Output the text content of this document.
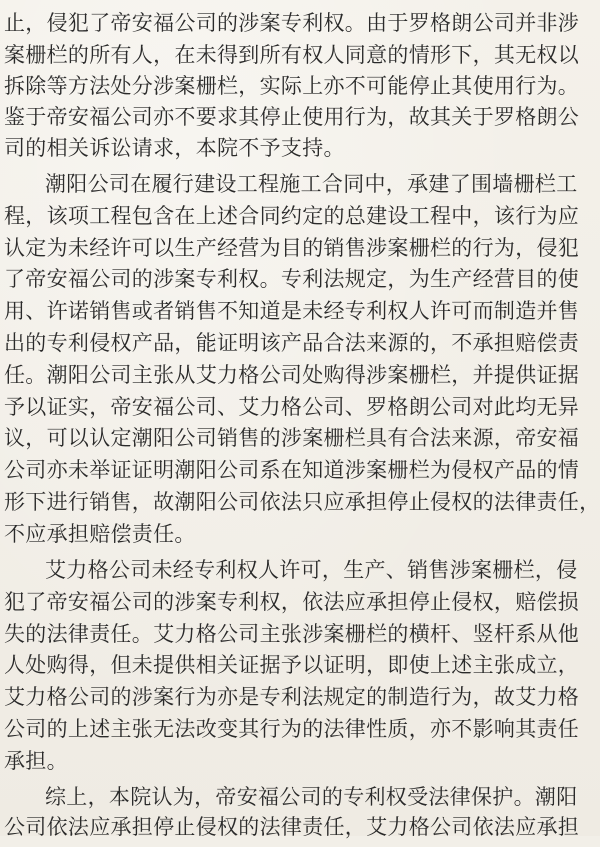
止，侵犯了帝安福公司的涉案专利权。由于罗格朗公司并非涉
案栅栏的所有人，在未得到所有权人同意的情形下，其无权以
拆除等方法处分涉案栅栏，实际上亦不可能停止其使用行为。
鉴于帝安福公司亦不要求其停止使用行为，故其关于罗格朗公
司的相关诉讼请求，本院不予支持。
潮阳公司在履行建设工程施工合同中，承建了围墙栅栏工
程，该项工程包含在上述合同约定的总建设工程中，该行为应
认定为未经许可以生产经营为目的销售涉案栅栏的行为，侵犯
了帝安福公司的涉案专利权。专利法规定，为生产经营目的使
用、许诺销售或者销售不知道是未经专利权人许可而制造并售
出的专利侵权产品，能证明该产品合法来源的，不承担赔偿责
任。潮阳公司主张从艾力格公司处购得涉案栅栏，并提供证据
予以证实，帝安福公司、艾力格公司、罗格朗公司对此均无异
议，可以认定潮阳公司销售的涉案栅栏具有合法来源，帝安福
公司亦未举证证明潮阳公司系在知道涉案栅栏为侵权产品的情
形下进行销售，故潮阳公司依法只应承担停止侵权的法律责任，
不应承担赔偿责任。
艾力格公司未经专利权人许可，生产、销售涉案栅栏，侵
犯了帝安福公司的涉案专利权，依法应承担停止侵权，赔偿损
失的法律责任。艾力格公司主张涉案栅栏的横杆、竖杆系从他
人处购得，但未提供相关证据予以证明，即使上述主张成立，
艾力格公司的涉案行为亦是专利法规定的制造行为，故艾力格
公司的上述主张无法改变其行为的法律性质，亦不影响其责任
承担。
综上，本院认为，帝安福公司的专利权受法律保护。潮阳
公司依法应承担停止侵权的法律责任，艾力格公司依法应承担
